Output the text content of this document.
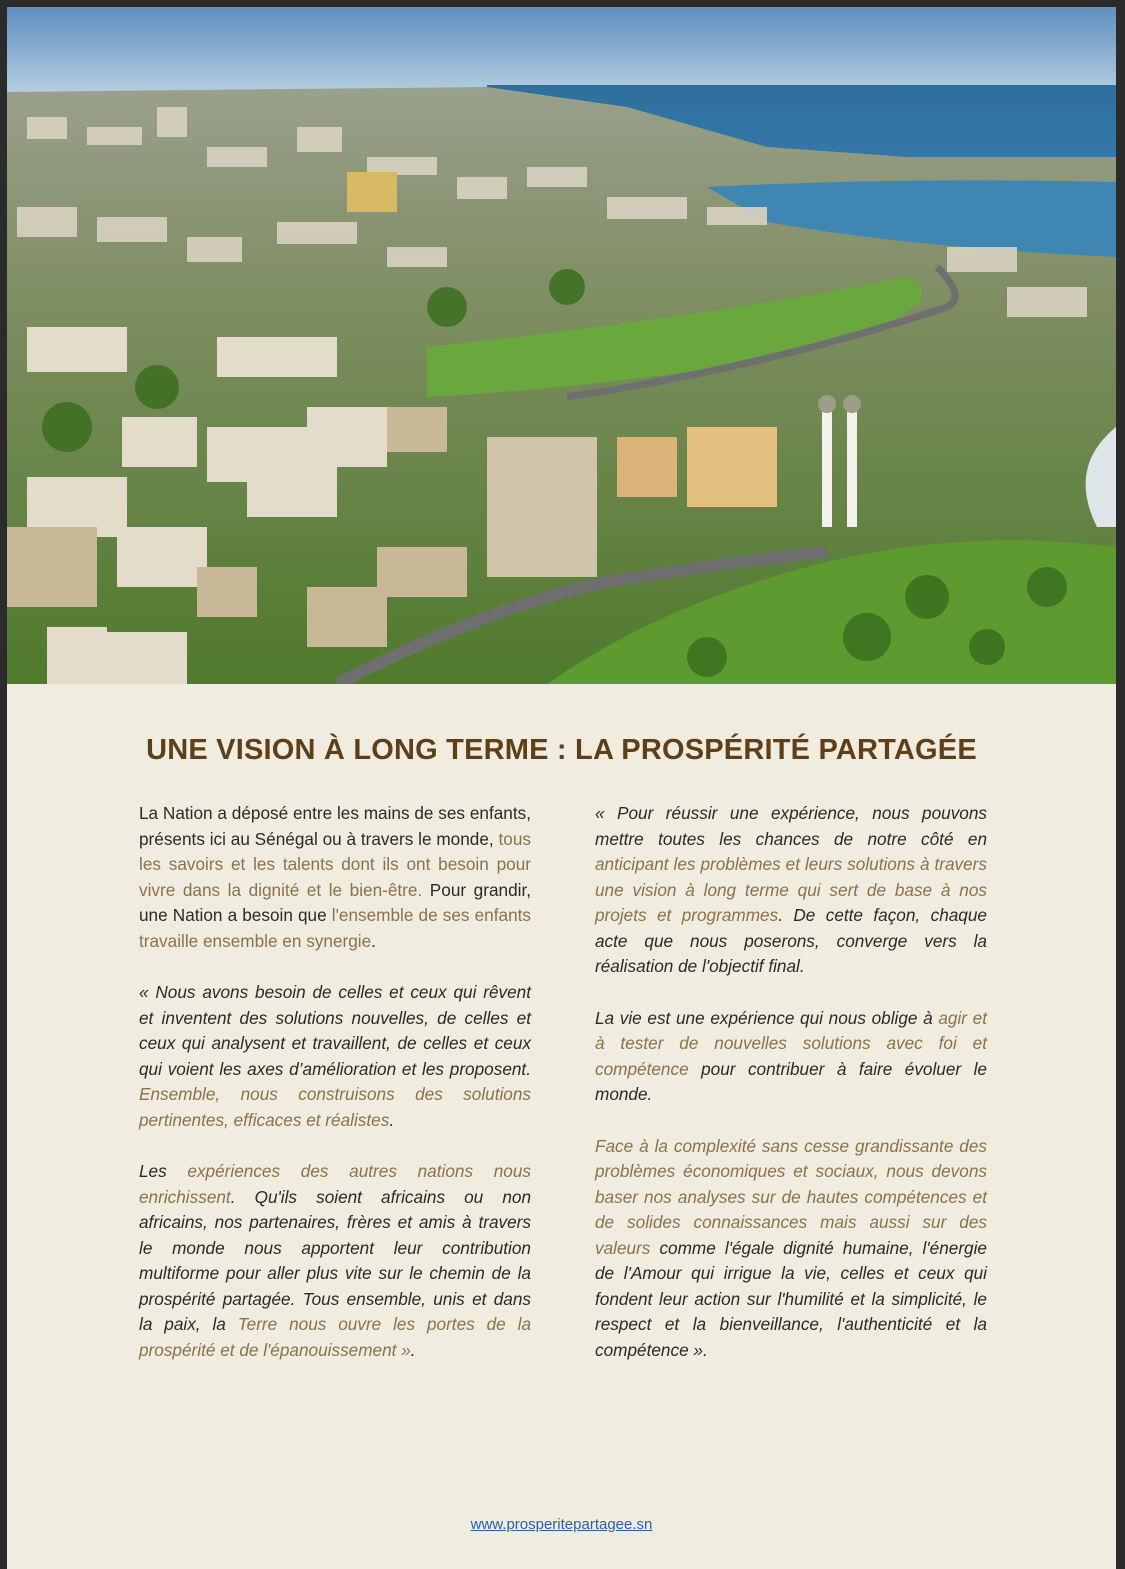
UNE VISION À LONG TERME : LA PROSPÉRITÉ PARTAGÉE

La Nation a déposé entre les mains de ses enfants, présents ici au Sénégal ou à travers le monde, tous les savoirs et les talents dont ils ont besoin pour vivre dans la dignité et le bien-être. Pour grandir, une Nation a besoin que l'ensemble de ses enfants travaille ensemble en synergie.

« Nous avons besoin de celles et ceux qui rêvent et inventent des solutions nouvelles, de celles et ceux qui analysent et travaillent, de celles et ceux qui voient les axes d’amélioration et les proposent. Ensemble, nous construisons des solutions pertinentes, efficaces et réalistes.

Les expériences des autres nations nous enrichissent. Qu'ils soient africains ou non africains, nos partenaires, frères et amis à travers le monde nous apportent leur contribution multiforme pour aller plus vite sur le chemin de la prospérité partagée. Tous ensemble, unis et dans la paix, la Terre nous ouvre les portes de la prospérité et de l'épanouissement ».

« Pour réussir une expérience, nous pouvons mettre toutes les chances de notre côté en anticipant les problèmes et leurs solutions à travers une vision à long terme qui sert de base à nos projets et programmes. De cette façon, chaque acte que nous poserons, converge vers la réalisation de l'objectif final.

La vie est une expérience qui nous oblige à agir et à tester de nouvelles solutions avec foi et compétence pour contribuer à faire évoluer le monde.

Face à la complexité sans cesse grandissante des problèmes économiques et sociaux, nous devons baser nos analyses sur de hautes compétences et de solides connaissances mais aussi sur des valeurs comme l'égale dignité humaine, l'énergie de l'Amour qui irrigue la vie, celles et ceux qui fondent leur action sur l'humilité et la simplicité, le respect et la bienveillance, l'authenticité et la compétence ».

www.prosperitepartagee.sn
